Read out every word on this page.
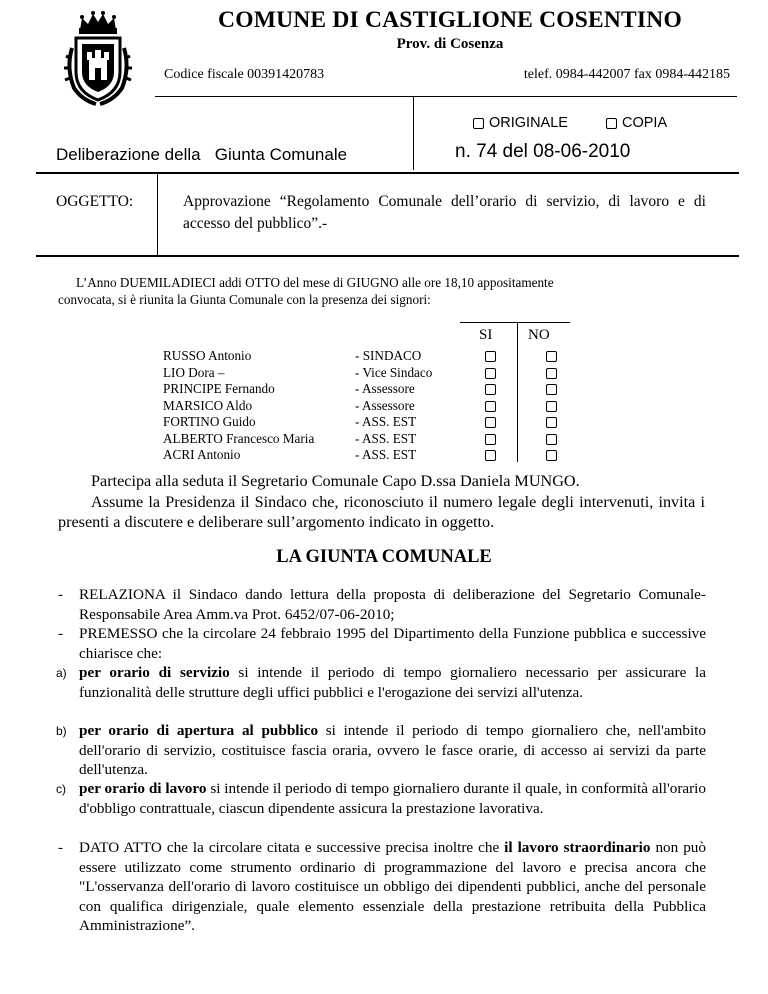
COMUNE DI CASTIGLIONE COSENTINO
Prov. di Cosenza
Codice fiscale 00391420783	telef. 0984-442007 fax 0984-442185
ORIGINALE	COPIA
Deliberazione della Giunta Comunale	n. 74 del 08-06-2010
OGGETTO:	Approvazione “Regolamento Comunale dell’orario di servizio, di lavoro e di accesso del pubblico”.-
L’Anno DUEMILADIECI addi OTTO del mese di GIUGNO alle ore 18,10 appositamente
convocata, si è riunita la Giunta Comunale con la presenza dei signori:
SI NO
RUSSO Antonio	- SINDACO
LIO Dora –	- Vice Sindaco
PRINCIPE Fernando	- Assessore
MARSICO Aldo	- Assessore
FORTINO Guido	- ASS. EST
ALBERTO Francesco Maria	- ASS. EST
ACRI Antonio	- ASS. EST
Partecipa alla seduta il Segretario Comunale Capo D.ssa Daniela MUNGO.
Assume la Presidenza il Sindaco che, riconosciuto il numero legale degli intervenuti, invita i presenti a discutere e deliberare sull’argomento indicato in oggetto.
LA GIUNTA COMUNALE
- RELAZIONA il Sindaco dando lettura della proposta di deliberazione del Segretario Comunale-Responsabile Area Amm.va Prot. 6452/07-06-2010;
- PREMESSO che la circolare 24 febbraio 1995 del Dipartimento della Funzione pubblica e successive chiarisce che:
a) per orario di servizio si intende il periodo di tempo giornaliero necessario per assicurare la funzionalità delle strutture degli uffici pubblici e l'erogazione dei servizi all'utenza.
b) per orario di apertura al pubblico si intende il periodo di tempo giornaliero che, nell'ambito dell'orario di servizio, costituisce fascia oraria, ovvero le fasce orarie, di accesso ai servizi da parte dell'utenza.
c) per orario di lavoro si intende il periodo di tempo giornaliero durante il quale, in conformità all'orario d'obbligo contrattuale, ciascun dipendente assicura la prestazione lavorativa.
- DATO ATTO che la circolare citata e successive precisa inoltre che il lavoro straordinario non può essere utilizzato come strumento ordinario di programmazione del lavoro e precisa ancora che "L'osservanza dell'orario di lavoro costituisce un obbligo dei dipendenti pubblici, anche del personale con qualifica dirigenziale, quale elemento essenziale della prestazione retribuita della Pubblica Amministrazione”.
